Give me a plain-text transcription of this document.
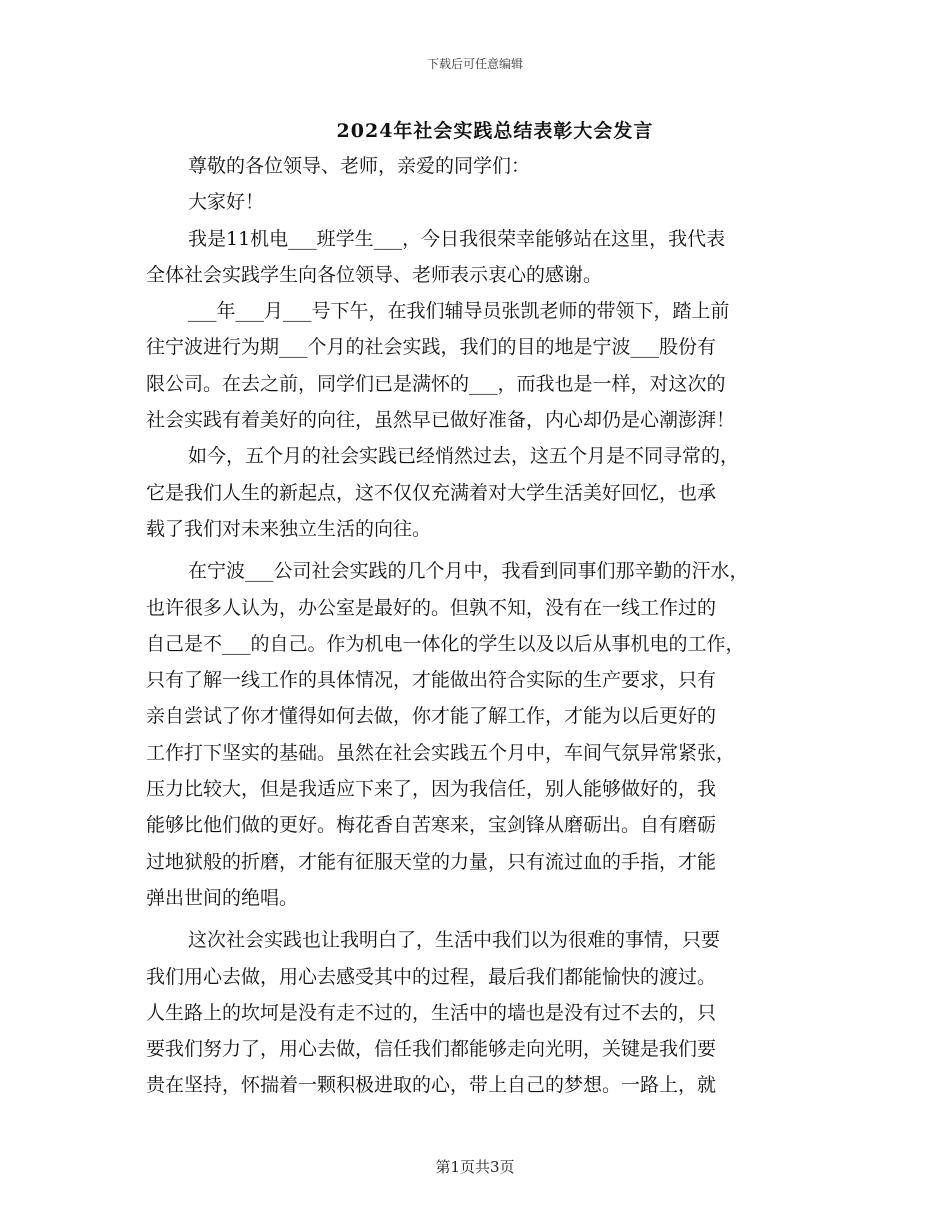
下载后可任意编辑
2024年社会实践总结表彰大会发言
尊敬的各位领导、老师，亲爱的同学们：
大家好！
我是11机电___班学生___，今日我很荣幸能够站在这里，我代表
全体社会实践学生向各位领导、老师表示衷心的感谢。
___年___月___号下午，在我们辅导员张凯老师的带领下，踏上前
往宁波进行为期___个月的社会实践，我们的目的地是宁波___股份有
限公司。在去之前，同学们已是满怀的___，而我也是一样，对这次的
社会实践有着美好的向往，虽然早已做好准备，内心却仍是心潮澎湃！
如今，五个月的社会实践已经悄然过去，这五个月是不同寻常的，
它是我们人生的新起点，这不仅仅充满着对大学生活美好回忆，也承
载了我们对未来独立生活的向往。
在宁波___公司社会实践的几个月中，我看到同事们那辛勤的汗水，
也许很多人认为，办公室是最好的。但孰不知，没有在一线工作过的
自己是不___的自己。作为机电一体化的学生以及以后从事机电的工作，
只有了解一线工作的具体情况，才能做出符合实际的生产要求，只有
亲自尝试了你才懂得如何去做，你才能了解工作，才能为以后更好的
工作打下坚实的基础。虽然在社会实践五个月中，车间气氛异常紧张，
压力比较大，但是我适应下来了，因为我信任，别人能够做好的，我
能够比他们做的更好。梅花香自苦寒来，宝剑锋从磨砺出。自有磨砺
过地狱般的折磨，才能有征服天堂的力量，只有流过血的手指，才能
弹出世间的绝唱。
这次社会实践也让我明白了，生活中我们以为很难的事情，只要
我们用心去做，用心去感受其中的过程，最后我们都能愉快的渡过。
人生路上的坎坷是没有走不过的，生活中的墙也是没有过不去的，只
要我们努力了，用心去做，信任我们都能够走向光明，关键是我们要
贵在坚持，怀揣着一颗积极进取的心，带上自己的梦想。一路上，就
第1页共3页
